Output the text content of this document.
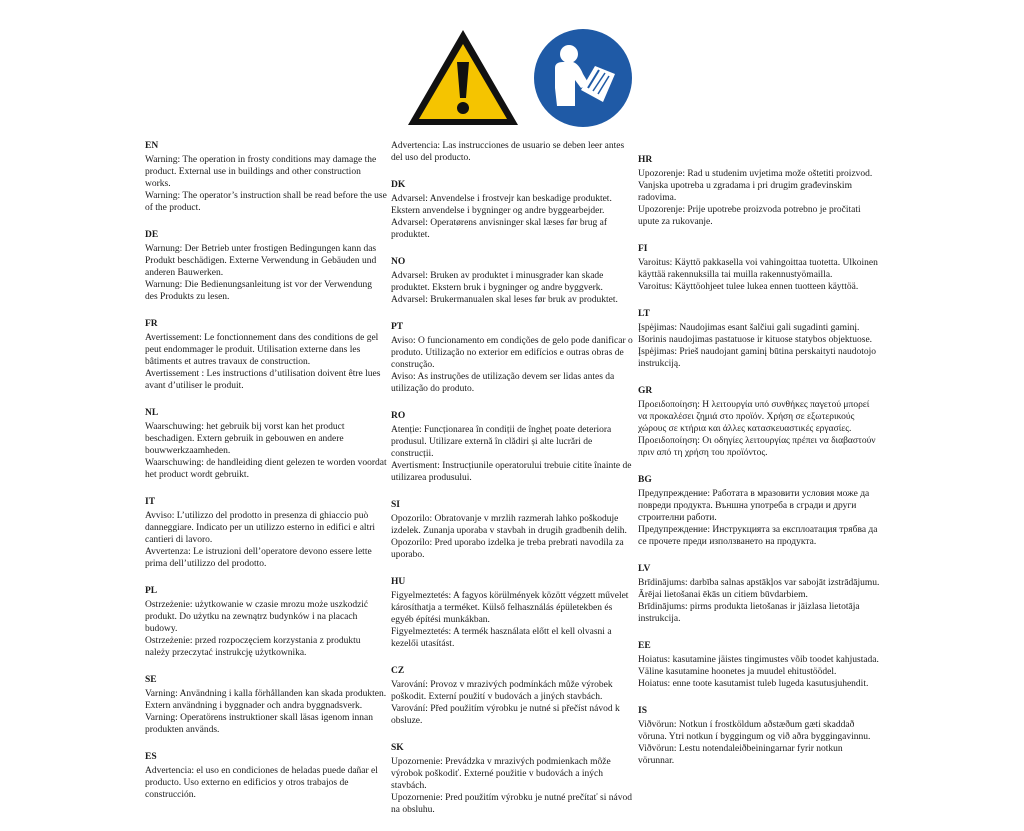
EN
Warning: The operation in frosty conditions may damage the product. External use in buildings and other construction works.
Warning: The operator’s instruction shall be read before the use of the product.
DE
Warnung: Der Betrieb unter frostigen Bedingungen kann das Produkt beschädigen. Externe Verwendung in Gebäuden und anderen Bauwerken.
Warnung: Die Bedienungsanleitung ist vor der Verwendung des Produkts zu lesen.
FR
Avertissement: Le fonctionnement dans des conditions de gel peut endommager le produit. Utilisation externe dans les bâtiments et autres travaux de construction.
Avertissement : Les instructions d’utilisation doivent être lues avant d’utiliser le produit.
NL
Waarschuwing: het gebruik bij vorst kan het product beschadigen. Extern gebruik in gebouwen en andere bouwwerkzaamheden.
Waarschuwing: de handleiding dient gelezen te worden voordat het product wordt gebruikt.
IT
Avviso: L’utilizzo del prodotto in presenza di ghiaccio può danneggiare. Indicato per un utilizzo esterno in edifici e altri cantieri di lavoro.
Avvertenza: Le istruzioni dell’operatore devono essere lette prima dell’utilizzo del prodotto.
PL
Ostrzeżenie: użytkowanie w czasie mrozu może uszkodzić produkt. Do użytku na zewnątrz budynków i na placach budowy.
Ostrzeżenie: przed rozpoczęciem korzystania z produktu należy przeczytać instrukcję użytkownika.
SE
Varning: Användning i kalla förhållanden kan skada produkten. Extern användning i byggnader och andra byggnadsverk.
Varning: Operatörens instruktioner skall läsas igenom innan produkten används.
ES
Advertencia: el uso en condiciones de heladas puede dañar el producto. Uso externo en edificios y otros trabajos de construcción.
Advertencia: Las instrucciones de usuario se deben leer antes del uso del producto.
DK
Advarsel: Anvendelse i frostvejr kan beskadige produktet. Ekstern anvendelse i bygninger og andre byggearbejder.
Advarsel: Operatørens anvisninger skal læses før brug af produktet.
NO
Advarsel: Bruken av produktet i minusgrader kan skade produktet. Ekstern bruk i bygninger og andre byggverk.
Advarsel: Brukermanualen skal leses før bruk av produktet.
PT
Aviso: O funcionamento em condições de gelo pode danificar o produto. Utilização no exterior em edifícios e outras obras de construção.
Aviso: As instruções de utilização devem ser lidas antes da utilização do produto.
RO
Atenție: Funcționarea în condiții de îngheț poate deteriora produsul. Utilizare externă în clădiri și alte lucrări de construcții.
Avertisment: Instrucțiunile operatorului trebuie citite înainte de utilizarea produsului.
SI
Opozorilo: Obratovanje v mrzlih razmerah lahko poškoduje izdelek. Zunanja uporaba v stavbah in drugih gradbenih delih.
Opozorilo: Pred uporabo izdelka je treba prebrati navodila za uporabo.
HU
Figyelmeztetés: A fagyos körülmények között végzett művelet károsíthatja a terméket. Külső felhasználás épületekben és egyéb építési munkákban.
Figyelmeztetés: A termék használata előtt el kell olvasni a kezelői utasítást.
CZ
Varování: Provoz v mrazivých podmínkách může výrobek poškodit. Externí použití v budovách a jiných stavbách.
Varování: Před použitím výrobku je nutné si přečíst návod k obsluze.
SK
Upozornenie: Prevádzka v mrazivých podmienkach môže výrobok poškodiť. Externé použitie v budovách a iných stavbách.
Upozornenie: Pred použitím výrobku je nutné prečítať si návod na obsluhu.
HR
Upozorenje: Rad u studenim uvjetima može oštetiti proizvod. Vanjska upotreba u zgradama i pri drugim građevinskim radovima.
Upozorenje: Prije upotrebe proizvoda potrebno je pročitati upute za rukovanje.
FI
Varoitus: Käyttö pakkasella voi vahingoittaa tuotetta. Ulkoinen käyttää rakennuksilla tai muilla rakennustyömailla.
Varoitus: Käyttöohjeet tulee lukea ennen tuotteen käyttöä.
LT
Įspėjimas: Naudojimas esant šalčiui gali sugadinti gaminį. Išorinis naudojimas pastatuose ir kituose statybos objektuose.
Įspėjimas: Prieš naudojant gaminį būtina perskaityti naudotojo instrukciją.
GR
Προειδοποίηση: Η λειτουργία υπό συνθήκες παγετού μπορεί να προκαλέσει ζημιά στο προϊόν. Χρήση σε εξωτερικούς χώρους σε κτήρια και άλλες κατασκευαστικές εργασίες.
Προειδοποίηση: Οι οδηγίες λειτουργίας πρέπει να διαβαστούν πριν από τη χρήση του προϊόντος.
BG
Предупреждение: Работата в мразовити условия може да повреди продукта. Външна употреба в сгради и други строителни работи.
Предупреждение: Инструкцията за експлоатация трябва да се прочете преди използването на продукта.
LV
Brīdinājums: darbība salnas apstākļos var sabojāt izstrādājumu. Ārējai lietošanai ēkās un citiem būvdarbiem.
Brīdinājums: pirms produkta lietošanas ir jāizlasa lietotāja instrukcija.
EE
Hoiatus: kasutamine jäistes tingimustes võib toodet kahjustada. Väline kasutamine hoonetes ja muudel ehitustöödel.
Hoiatus: enne toote kasutamist tuleb lugeda kasutusjuhendit.
IS
Viðvörun: Notkun í frostköldum aðstæðum gæti skaddað vöruna. Ytri notkun í byggingum og við aðra byggingavinnu.
Viðvörun: Lestu notendaleiðbeiningarnar fyrir notkun vörunnar.
